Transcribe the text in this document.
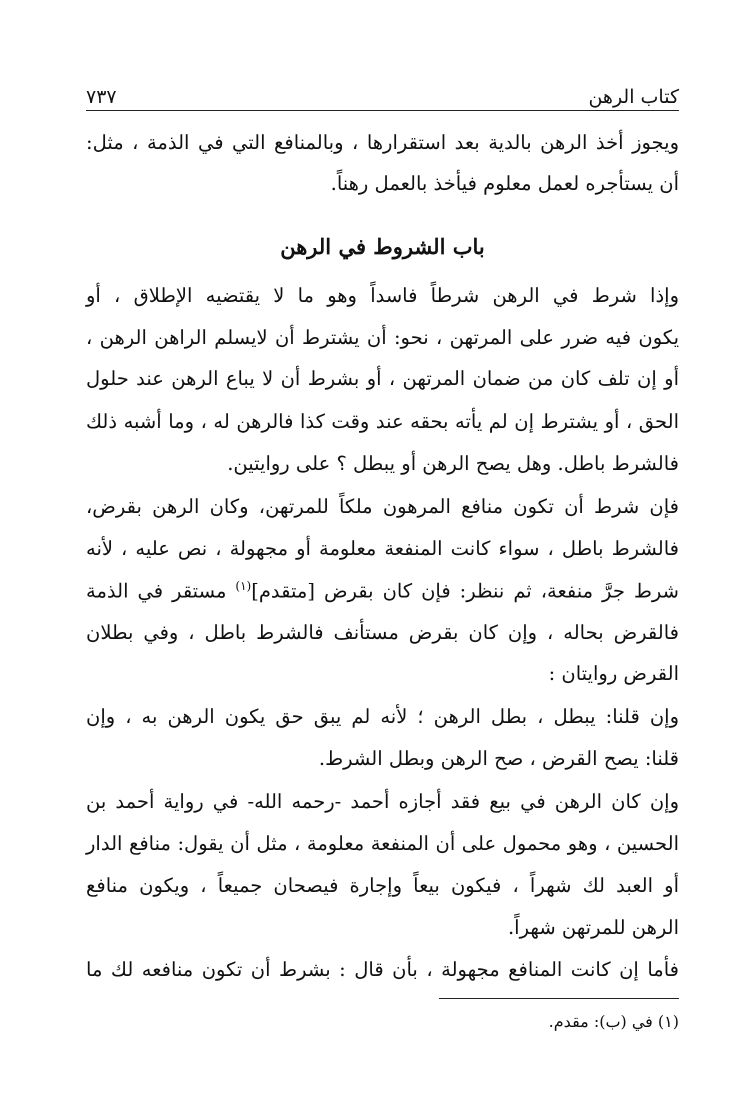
كتاب الرهن
٧٣٧
ويجوز أخذ الرهن بالدية بعد استقرارها ، وبالمنافع التي في الذمة ، مثل:
أن يستأجره لعمل معلوم فيأخذ بالعمل رهناً.
باب الشروط في الرهن
وإذا شرط في الرهن شرطاً فاسداً وهو ما لا يقتضيه الإطلاق ، أو
يكون فيه ضرر على المرتهن ، نحو: أن يشترط أن لايسلم الراهن الرهن ،
أو إن تلف كان من ضمان المرتهن ، أو بشرط أن لا يباع الرهن عند حلول
الحق ، أو يشترط إن لم يأته بحقه عند وقت كذا فالرهن له ، وما أشبه ذلك
فالشرط باطل. وهل يصح الرهن أو يبطل ؟ على روايتين.
فإن شرط أن تكون منافع المرهون ملكاً للمرتهن، وكان الرهن بقرض،
فالشرط باطل ، سواء كانت المنفعة معلومة أو مجهولة ، نص عليه ، لأنه
شرط جرَّ منفعة، ثم ننظر: فإن كان بقرض [متقدم]$^{(١)}$ مستقر في الذمة
فالقرض بحاله ، وإن كان بقرض مستأنف فالشرط باطل ، وفي بطلان
القرض روايتان :
وإن قلنا: يبطل ، بطل الرهن ؛ لأنه لم يبق حق يكون الرهن به ، وإن
قلنا: يصح القرض ، صح الرهن وبطل الشرط.
وإن كان الرهن في بيع فقد أجازه أحمد -رحمه الله- في رواية أحمد بن
الحسين ، وهو محمول على أن المنفعة معلومة ، مثل أن يقول: منافع الدار
أو العبد لك شهراً ، فيكون بيعاً وإجارة فيصحان جميعاً ، ويكون منافع
الرهن للمرتهن شهراً.
فأما إن كانت المنافع مجهولة ، بأن قال : بشرط أن تكون منافعه لك ما
(١) في (ب): مقدم.
